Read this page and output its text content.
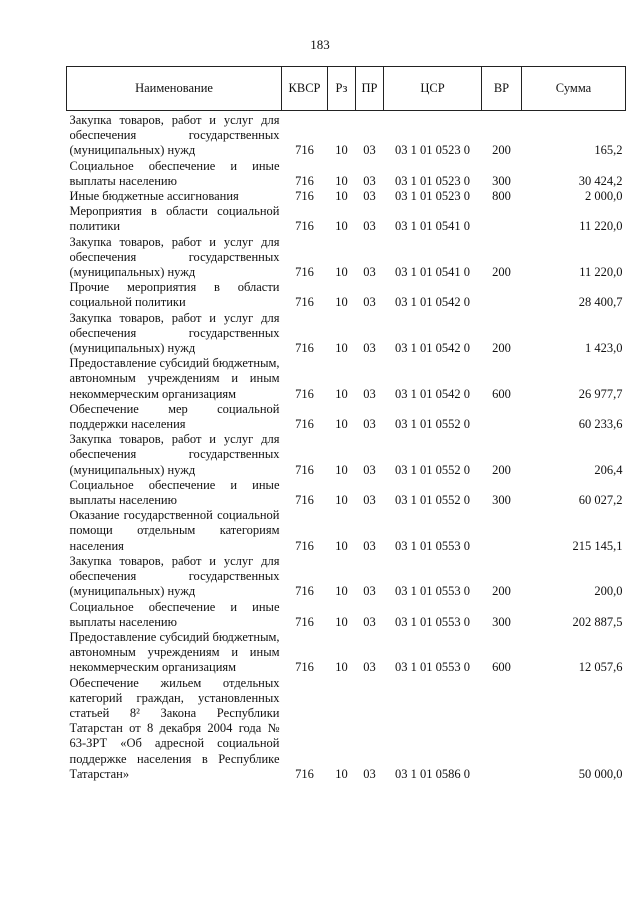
183
Наименование	КВСР	Рз	ПР	ЦСР	ВР	Сумма
Закупка товаров, работ и услуг для обеспечения государственных (муниципальных) нужд	716	10	03	03 1 01 0523 0	200	165,2
Социальное обеспечение и иные выплаты населению	716	10	03	03 1 01 0523 0	300	30 424,2
Иные бюджетные ассигнования	716	10	03	03 1 01 0523 0	800	2 000,0
Мероприятия в области социальной политики	716	10	03	03 1 01 0541 0		11 220,0
Закупка товаров, работ и услуг для обеспечения государственных (муниципальных) нужд	716	10	03	03 1 01 0541 0	200	11 220,0
Прочие мероприятия в области социальной политики	716	10	03	03 1 01 0542 0		28 400,7
Закупка товаров, работ и услуг для обеспечения государственных (муниципальных) нужд	716	10	03	03 1 01 0542 0	200	1 423,0
Предоставление субсидий бюджетным, автономным учреждениям и иным некоммерческим организациям	716	10	03	03 1 01 0542 0	600	26 977,7
Обеспечение мер социальной поддержки населения	716	10	03	03 1 01 0552 0		60 233,6
Закупка товаров, работ и услуг для обеспечения государственных (муниципальных) нужд	716	10	03	03 1 01 0552 0	200	206,4
Социальное обеспечение и иные выплаты населению	716	10	03	03 1 01 0552 0	300	60 027,2
Оказание государственной социальной помощи отдельным категориям населения	716	10	03	03 1 01 0553 0		215 145,1
Закупка товаров, работ и услуг для обеспечения государственных (муниципальных) нужд	716	10	03	03 1 01 0553 0	200	200,0
Социальное обеспечение и иные выплаты населению	716	10	03	03 1 01 0553 0	300	202 887,5
Предоставление субсидий бюджетным, автономным учреждениям и иным некоммерческим организациям	716	10	03	03 1 01 0553 0	600	12 057,6
Обеспечение жильем отдельных категорий граждан, установленных статьей 8² Закона Республики Татарстан от 8 декабря 2004 года № 63-ЗРТ «Об адресной социальной поддержке населения в Республике Татарстан»	716	10	03	03 1 01 0586 0		50 000,0
